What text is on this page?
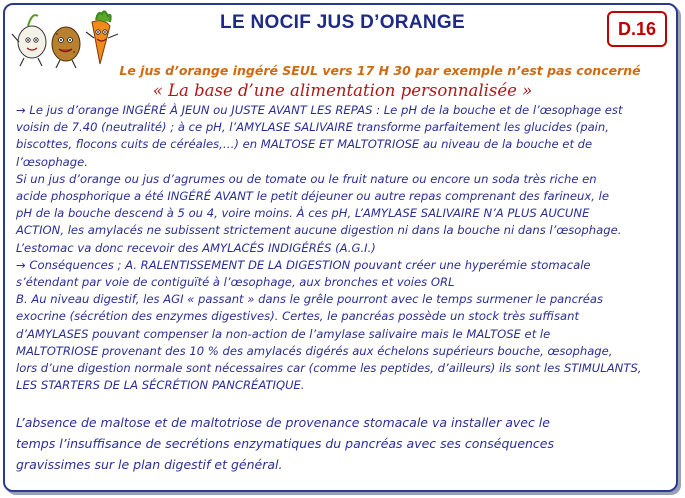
LE NOCIF JUS D’ORANGE	D.16
Le jus d’orange ingéré SEUL vers 17 H 30 par exemple n’est pas concerné
« La base d’une alimentation personnalisée »

→ Le jus d’orange INGÉRÉ À JEUN ou JUSTE AVANT LES REPAS : Le pH de la bouche et de l’œsophage est

voisin de 7.40 (neutralité) ; à ce pH, l’AMYLASE SALIVAIRE transforme parfaitement les glucides (pain,

biscottes, flocons cuits de céréales,…) en MALTOSE ET MALTOTRIOSE au niveau de la bouche et de

l’œsophage.

Si un jus d’orange ou jus d’agrumes ou de tomate ou le fruit nature ou encore un soda très riche en

acide phosphorique a été INGÉRÉ AVANT le petit déjeuner ou autre repas comprenant des farineux, le

pH de la bouche descend à 5 ou 4, voire moins. À ces pH, L’AMYLASE SALIVAIRE N’A PLUS AUCUNE

ACTION, les amylacés ne subissent strictement aucune digestion ni dans la bouche ni dans l’œsophage.

L’estomac va donc recevoir des AMYLACÉS INDIGÉRÉS (A.G.I.)

→ Conséquences ; A. RALENTISSEMENT DE LA DIGESTION pouvant créer une hyperémie stomacale

s’étendant par voie de contiguïté à l’œsophage, aux bronches et voies ORL

B. Au niveau digestif, les AGI « passant » dans le grêle pourront avec le temps surmener le pancréas

exocrine (sécrétion des enzymes digestives). Certes, le pancréas possède un stock très suffisant

d’AMYLASES pouvant compenser la non-action de l’amylase salivaire mais le MALTOSE et le

MALTOTRIOSE provenant des 10 % des amylacés digérés aux échelons supérieurs bouche, œsophage,

lors d’une digestion normale sont nécessaires car (comme les peptides, d’ailleurs) ils sont les STIMULANTS,

LES STARTERS DE LA SÉCRÉTION PANCRÉATIQUE.

L’absence de maltose et de maltotriose de provenance stomacale va installer avec le

temps l’insuffisance de secrétions enzymatiques du pancréas avec ses conséquences

gravissimes sur le plan digestif et général.
